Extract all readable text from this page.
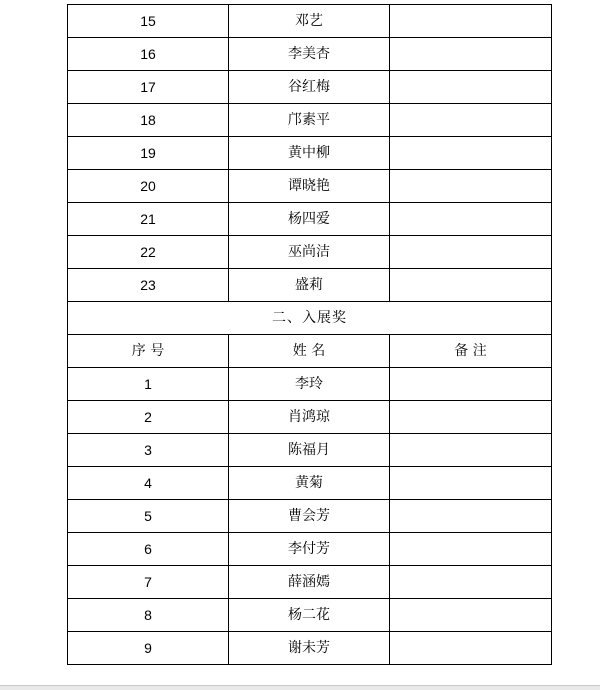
15	邓艺	
16	李美杏	
17	谷红梅	
18	邝素平	
19	黄中柳	
20	谭晓艳	
21	杨四爱	
22	巫尚洁	
23	盛莉	
二、入展奖		
序 号	姓 名	备 注
1	李玲	
2	肖鸿琼	
3	陈福月	
4	黄菊	
5	曹会芳	
6	李付芳	
7	薛涵嫣	
8	杨二花	
9	谢未芳	
